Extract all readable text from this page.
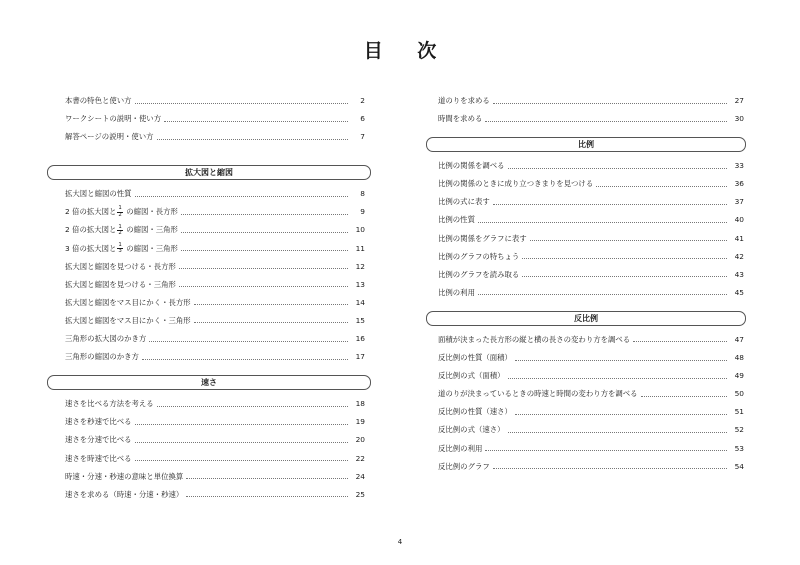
目 次
本書の特色と使い方	2
ワークシートの説明・使い方	6
解答ページの説明・使い方	7
拡大図と縮図
拡大図と縮図の性質	8
2 倍の拡大図と $\frac{1}{2}$ の縮図・長方形	9
2 倍の拡大図と $\frac{1}{2}$ の縮図・三角形	10
3 倍の拡大図と $\frac{1}{3}$ の縮図・三角形	11
拡大図と縮図を見つける・長方形	12
拡大図と縮図を見つける・三角形	13
拡大図と縮図をマス目にかく・長方形	14
拡大図と縮図をマス目にかく・三角形	15
三角形の拡大図のかき方	16
三角形の縮図のかき方	17
速さ
速さを比べる方法を考える	18
速さを秒速で比べる	19
速さを分速で比べる	20
速さを時速で比べる	22
時速・分速・秒速の意味と単位換算	24
速さを求める（時速・分速・秒速）	25
道のりを求める	27
時間を求める	30
比例
比例の関係を調べる	33
比例の関係のときに成り立つきまりを見つける	36
比例の式に表す	37
比例の性質	40
比例の関係をグラフに表す	41
比例のグラフの特ちょう	42
比例のグラフを読み取る	43
比例の利用	45
反比例
面積が決まった長方形の縦と横の長さの変わり方を調べる	47
反比例の性質（面積）	48
反比例の式（面積）	49
道のりが決まっているときの時速と時間の変わり方を調べる	50
反比例の性質（速さ）	51
反比例の式（速さ）	52
反比例の利用	53
反比例のグラフ	54
4
